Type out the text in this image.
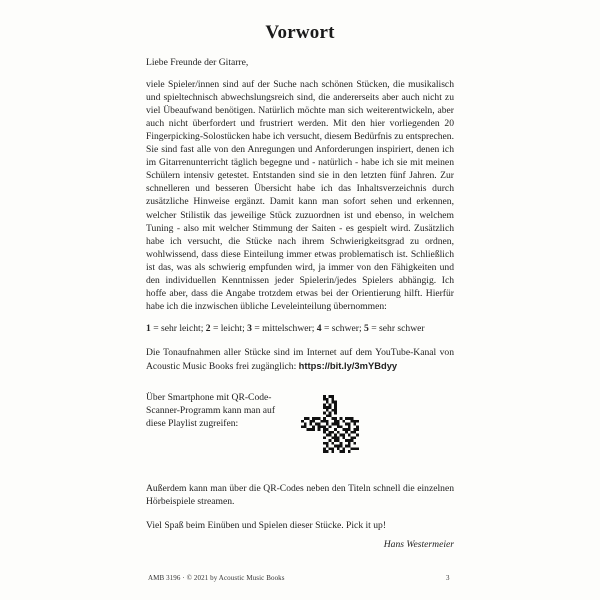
Vorwort

Liebe Freunde der Gitarre,

viele Spieler/innen sind auf der Suche nach schönen Stücken, die musikalisch und spieltechnisch abwechslungsreich sind, die andererseits aber auch nicht zu viel Übeaufwand benötigen. Natürlich möchte man sich weiterentwickeln, aber auch nicht überfordert und frustriert werden. Mit den hier vorliegenden 20 Fingerpicking-Solostücken habe ich versucht, diesem Bedürfnis zu entsprechen. Sie sind fast alle von den Anregungen und Anforderungen inspiriert, denen ich im Gitarrenunterricht täglich begegne und - natürlich - habe ich sie mit meinen Schülern intensiv getestet. Entstanden sind sie in den letzten fünf Jahren. Zur schnelleren und besseren Übersicht habe ich das Inhaltsverzeichnis durch zusätzliche Hinweise ergänzt. Damit kann man sofort sehen und erkennen, welcher Stilistik das jeweilige Stück zuzuordnen ist und ebenso, in welchem Tuning - also mit welcher Stimmung der Saiten - es gespielt wird. Zusätzlich habe ich versucht, die Stücke nach ihrem Schwierigkeitsgrad zu ordnen, wohlwissend, dass diese Einteilung immer etwas problematisch ist. Schließlich ist das, was als schwierig empfunden wird, ja immer von den Fähigkeiten und den individuellen Kenntnissen jeder Spielerin/jedes Spielers abhängig. Ich hoffe aber, dass die Angabe trotzdem etwas bei der Orientierung hilft. Hierfür habe ich die inzwischen übliche Leveleinteilung übernommen:

1 = sehr leicht; 2 = leicht; 3 = mittelschwer; 4 = schwer; 5 = sehr schwer

Die Tonaufnahmen aller Stücke sind im Internet auf dem YouTube-Kanal von Acoustic Music Books frei zugänglich: https://bit.ly/3mYBdyy

Über Smartphone mit QR-Code-Scanner-Programm kann man auf diese Playlist zugreifen:

Außerdem kann man über die QR-Codes neben den Titeln schnell die einzelnen Hörbeispiele streamen.

Viel Spaß beim Einüben und Spielen dieser Stücke. Pick it up!

Hans Westermeier

AMB 3196 · © 2021 by Acoustic Music Books	3
